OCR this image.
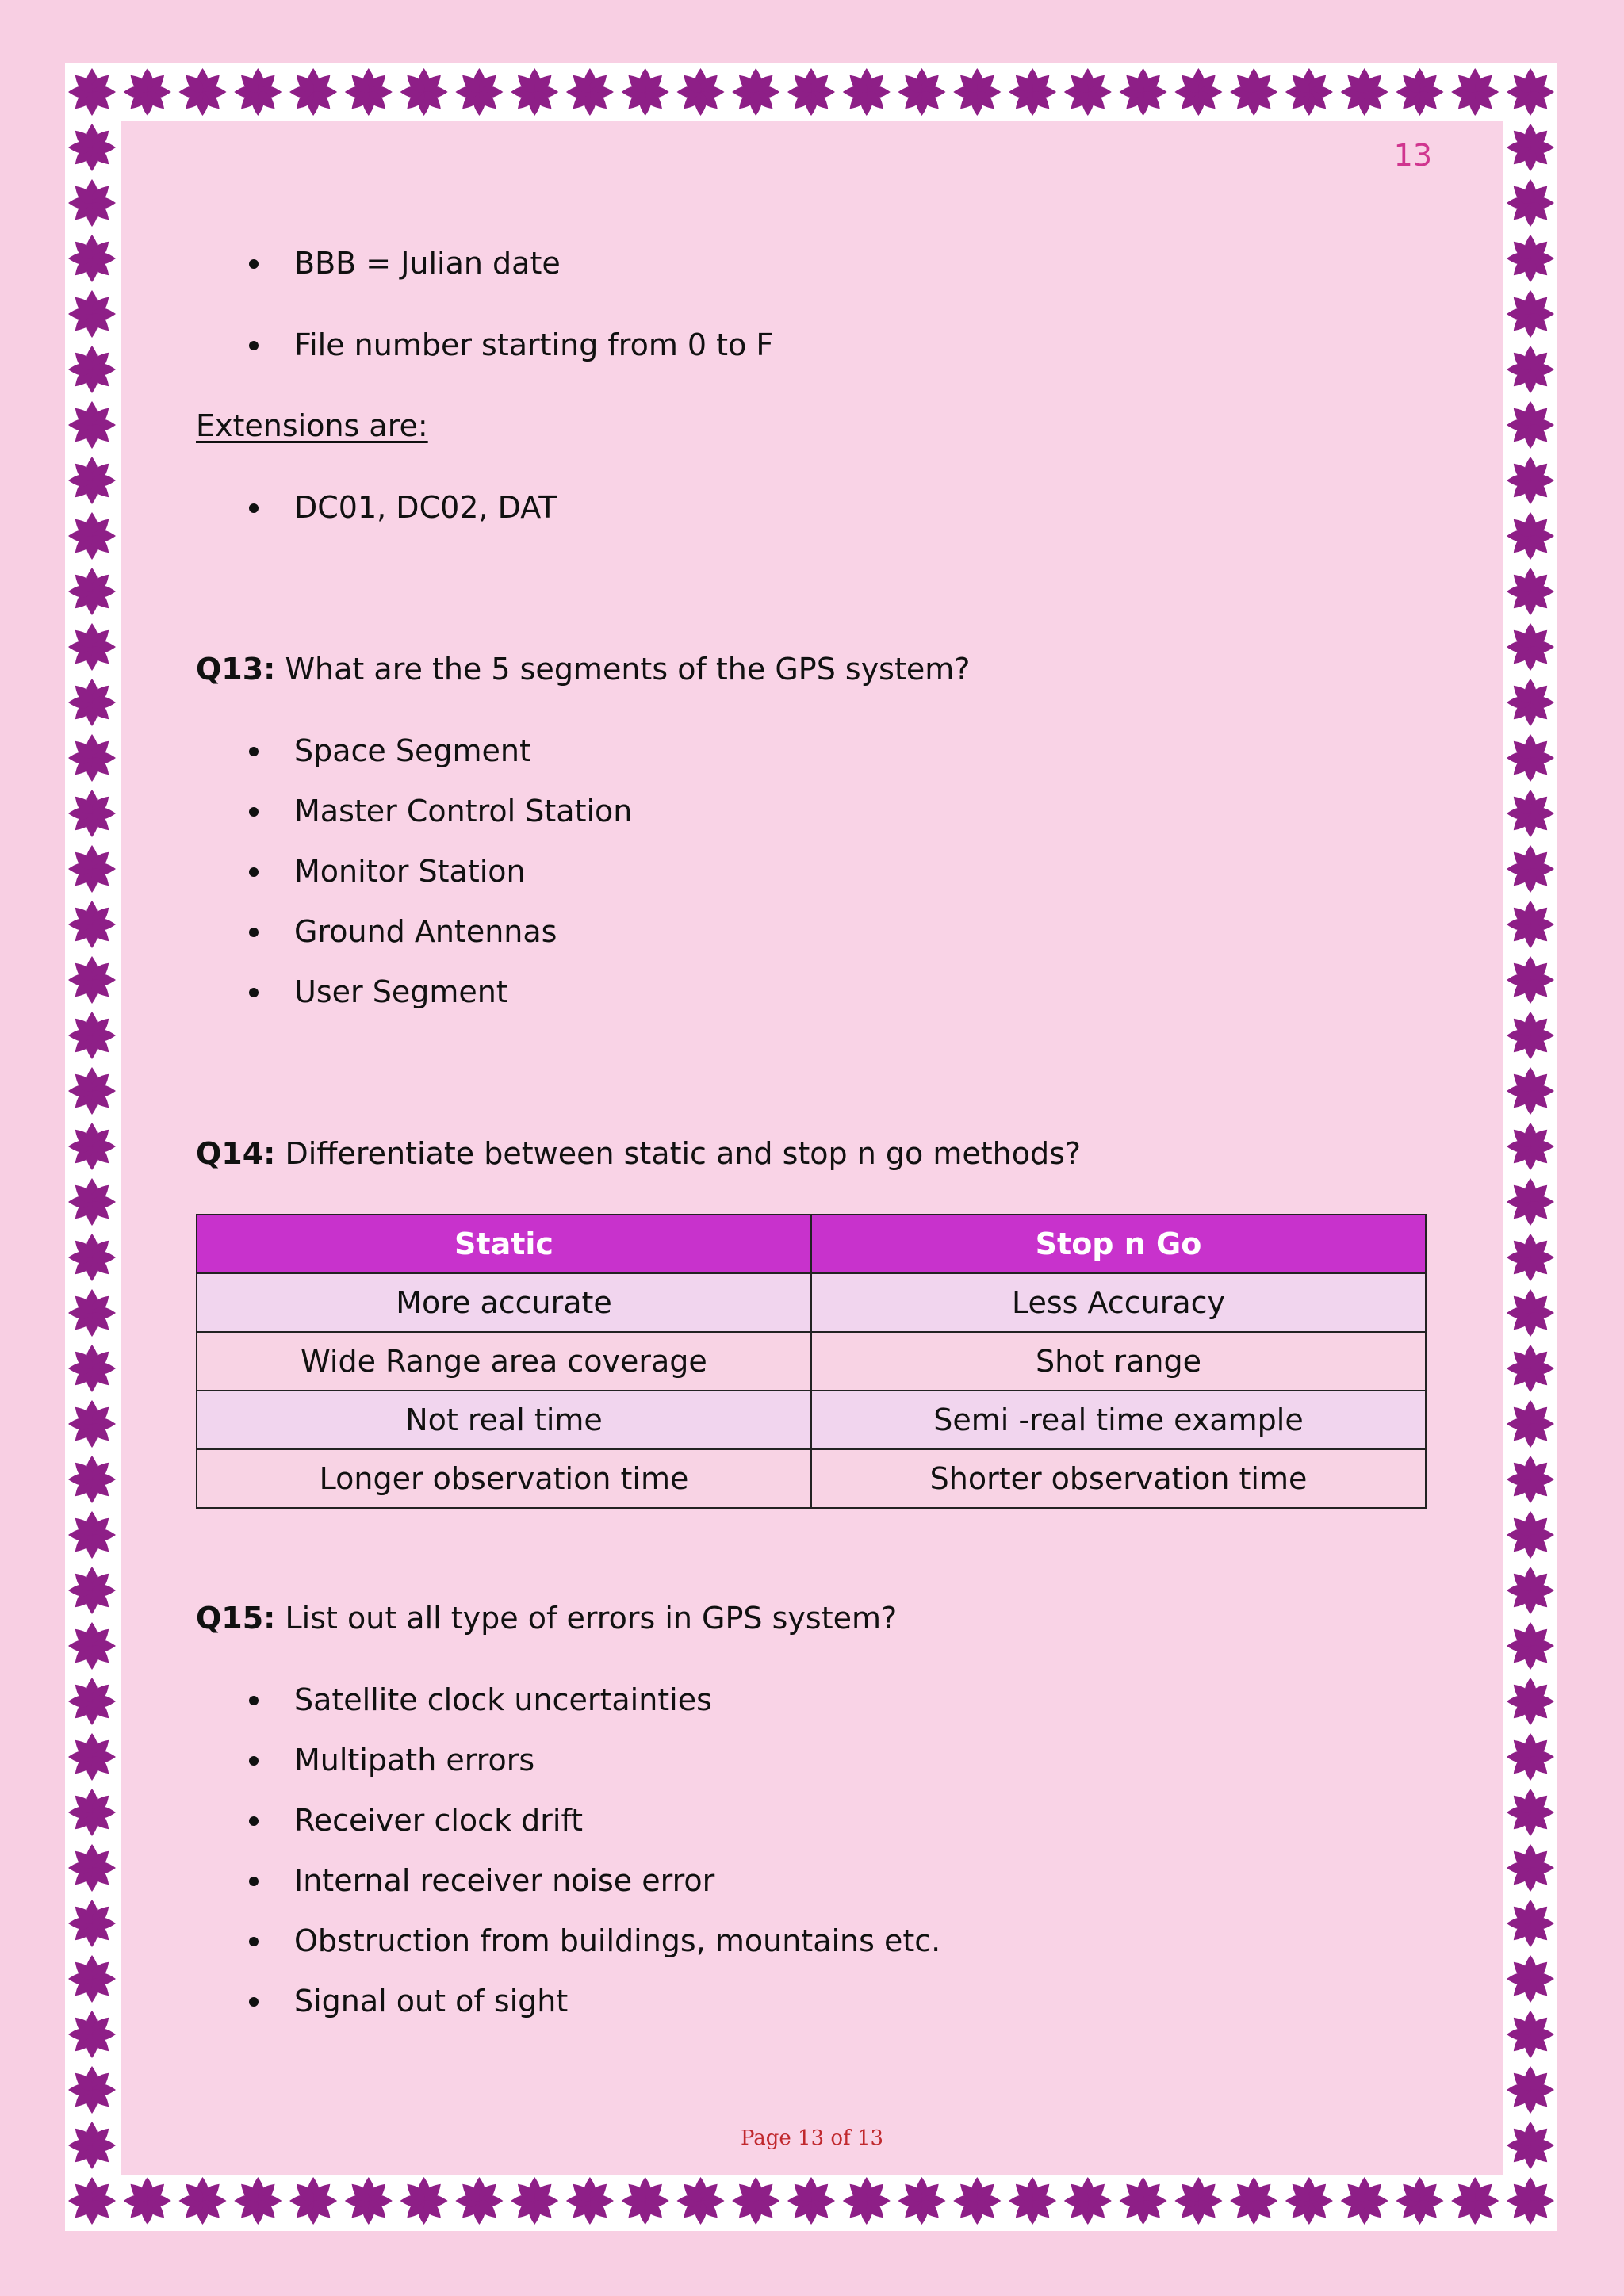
13
BBB = Julian date
File number starting from 0 to F
Extensions are:
DC01, DC02, DAT
Q13: What are the 5 segments of the GPS system?
Space Segment
Master Control Station
Monitor Station
Ground Antennas
User Segment
Q14: Differentiate between static and stop n go methods?
Static	Stop n Go
More accurate	Less Accuracy
Wide Range area coverage	Shot range
Not real time	Semi -real time example
Longer observation time	Shorter observation time
Q15: List out all type of errors in GPS system?
Satellite clock uncertainties
Multipath errors
Receiver clock drift
Internal receiver noise error
Obstruction from buildings, mountains etc.
Signal out of sight
Page 13 of 13
